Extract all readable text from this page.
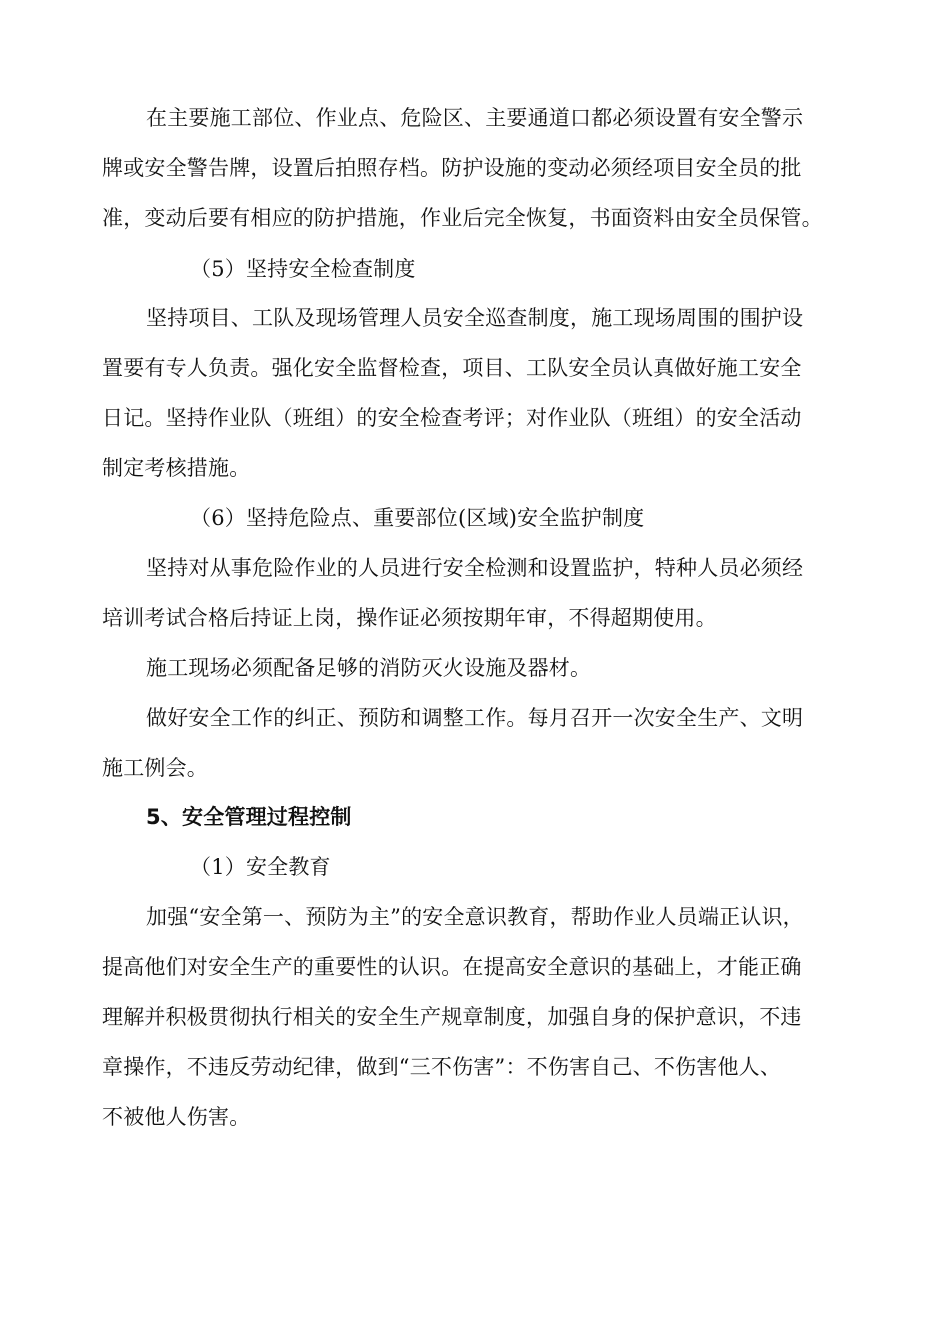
在主要施工部位、作业点、危险区、主要通道口都必须设置有安全警示
牌或安全警告牌，设置后拍照存档。防护设施的变动必须经项目安全员的批
准，变动后要有相应的防护措施，作业后完全恢复，书面资料由安全员保管。
（5）坚持安全检查制度
坚持项目、工队及现场管理人员安全巡查制度，施工现场周围的围护设
置要有专人负责。强化安全监督检查，项目、工队安全员认真做好施工安全
日记。坚持作业队（班组）的安全检查考评；对作业队（班组）的安全活动
制定考核措施。
（6）坚持危险点、重要部位(区域)安全监护制度
坚持对从事危险作业的人员进行安全检测和设置监护，特种人员必须经
培训考试合格后持证上岗，操作证必须按期年审，不得超期使用。
施工现场必须配备足够的消防灭火设施及器材。
做好安全工作的纠正、预防和调整工作。每月召开一次安全生产、文明
施工例会。
5、安全管理过程控制
（1）安全教育
加强“安全第一、预防为主”的安全意识教育，帮助作业人员端正认识，
提高他们对安全生产的重要性的认识。在提高安全意识的基础上，才能正确
理解并积极贯彻执行相关的安全生产规章制度，加强自身的保护意识，不违
章操作，不违反劳动纪律，做到“三不伤害”：不伤害自己、不伤害他人、
不被他人伤害。
